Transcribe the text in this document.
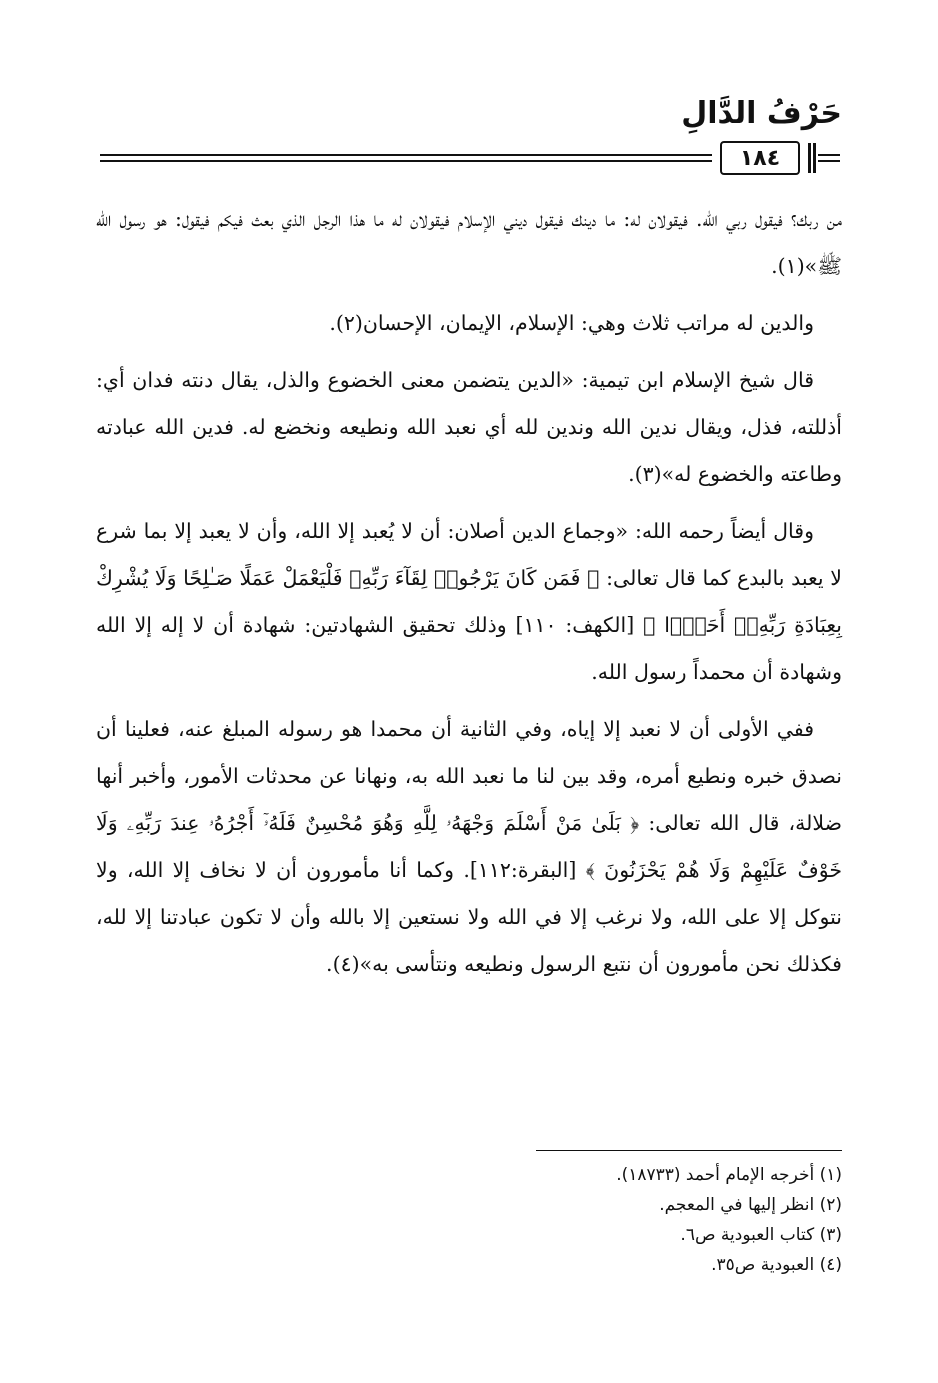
حَرْفُ الدَّالِ
١٨٤

من ربك؟ فيقول ربي الله. فيقولان له: ما دينك فيقول ديني الإسلام فيقولان له ما هذا الرجل الذي بعث فيكم فيقول: هو رسول الله ﷺ»(١).

والدين له مراتب ثلاث وهي: الإسلام، الإيمان، الإحسان(٢).

قال شيخ الإسلام ابن تيمية: «الدين يتضمن معنى الخضوع والذل، يقال دنته فدان أي: أذللته، فذل، ويقال ندين الله وندين لله أي نعبد الله ونطيعه ونخضع له. فدين الله عبادته وطاعته والخضوع له»(٣).

وقال أيضاً رحمه الله: «وجماع الدين أصلان: أن لا يُعبد إلا الله، وأن لا يعبد إلا بما شرع لا يعبد بالبدع كما قال تعالى: ﴿ فَمَن كَانَ يَرْجُوا۟ لِقَآءَ رَبِّهِۦ فَلْيَعْمَلْ عَمَلًا صَـٰلِحًا وَلَا يُشْرِكْ بِعِبَادَةِ رَبِّهِۦٓ أَحَدًۢا ﴾ [الكهف: ١١٠] وذلك تحقيق الشهادتين: شهادة أن لا إله إلا الله وشهادة أن محمداً رسول الله.

ففي الأولى أن لا نعبد إلا إياه، وفي الثانية أن محمدا هو رسوله المبلغ عنه، فعلينا أن نصدق خبره ونطيع أمره، وقد بين لنا ما نعبد الله به، ونهانا عن محدثات الأمور، وأخبر أنها ضلالة، قال الله تعالى: ﴿ بَلَىٰ مَنْ أَسْلَمَ وَجْهَهُۥ لِلَّهِ وَهُوَ مُحْسِنٌ فَلَهُۥٓ أَجْرُهُۥ عِندَ رَبِّهِۦ وَلَا خَوْفٌ عَلَيْهِمْ وَلَا هُمْ يَحْزَنُونَ ﴾ [البقرة:١١٢]. وكما أنا مأمورون أن لا نخاف إلا الله، ولا نتوكل إلا على الله، ولا نرغب إلا في الله ولا نستعين إلا بالله وأن لا تكون عبادتنا إلا لله، فكذلك نحن مأمورون أن نتبع الرسول ونطيعه ونتأسى به»(٤).

(١) أخرجه الإمام أحمد (١٨٧٣٣).
(٢) انظر إليها في المعجم.
(٣) كتاب العبودية ص٦.
(٤) العبودية ص٣٥.
